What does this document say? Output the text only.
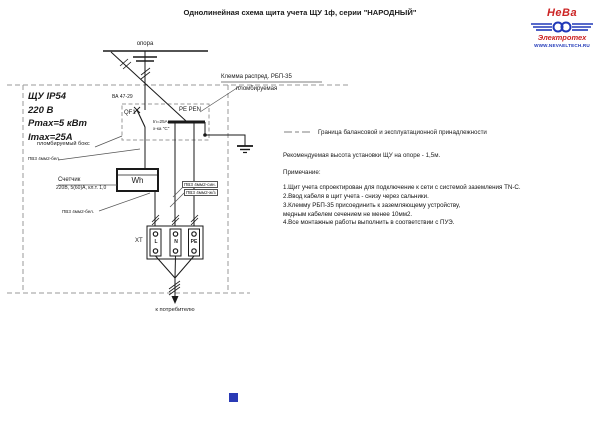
Однолинейная схема щита учета ЩУ 1ф, серии "НАРОДНЫЙ"	НеВа
Электротех
WWW.NEVAELTECH.RU
опора
ЩУ IP54
220 В
Pmax=5 кВт
Imax=25А
пломбируемый бокс
ВА 47-29
QF1
In=25A
х-ка "С"
PE PEN
Клемма распред. РБП-35
пломбируемая
Счетчик
220В, 5(60)А, кл.т. 1,0
Wh
ПВ3 4мм2-бел.
ПВ3 4мм2-бел.
ПВ3 4мм2-син.
ПВ3 4мм2-ж/з
XT	L	N	PE
к потребителю
Граница балансовой и эксплуатационной принадлежности
Рекомендуемая высота установки ЩУ на опоре - 1,5м.
Примечание:
1.Щит учета спроектирован для подключение к сети с системой заземления TN-C.
2.Ввод кабеля в щит учета - снизу через сальники.
3.Клемму РБП-35 присоединить к заземляющему устройству,
медным кабелем сечением не менее 10мм2.
4.Все монтажные работы выполнить в соответствии с ПУЭ.
